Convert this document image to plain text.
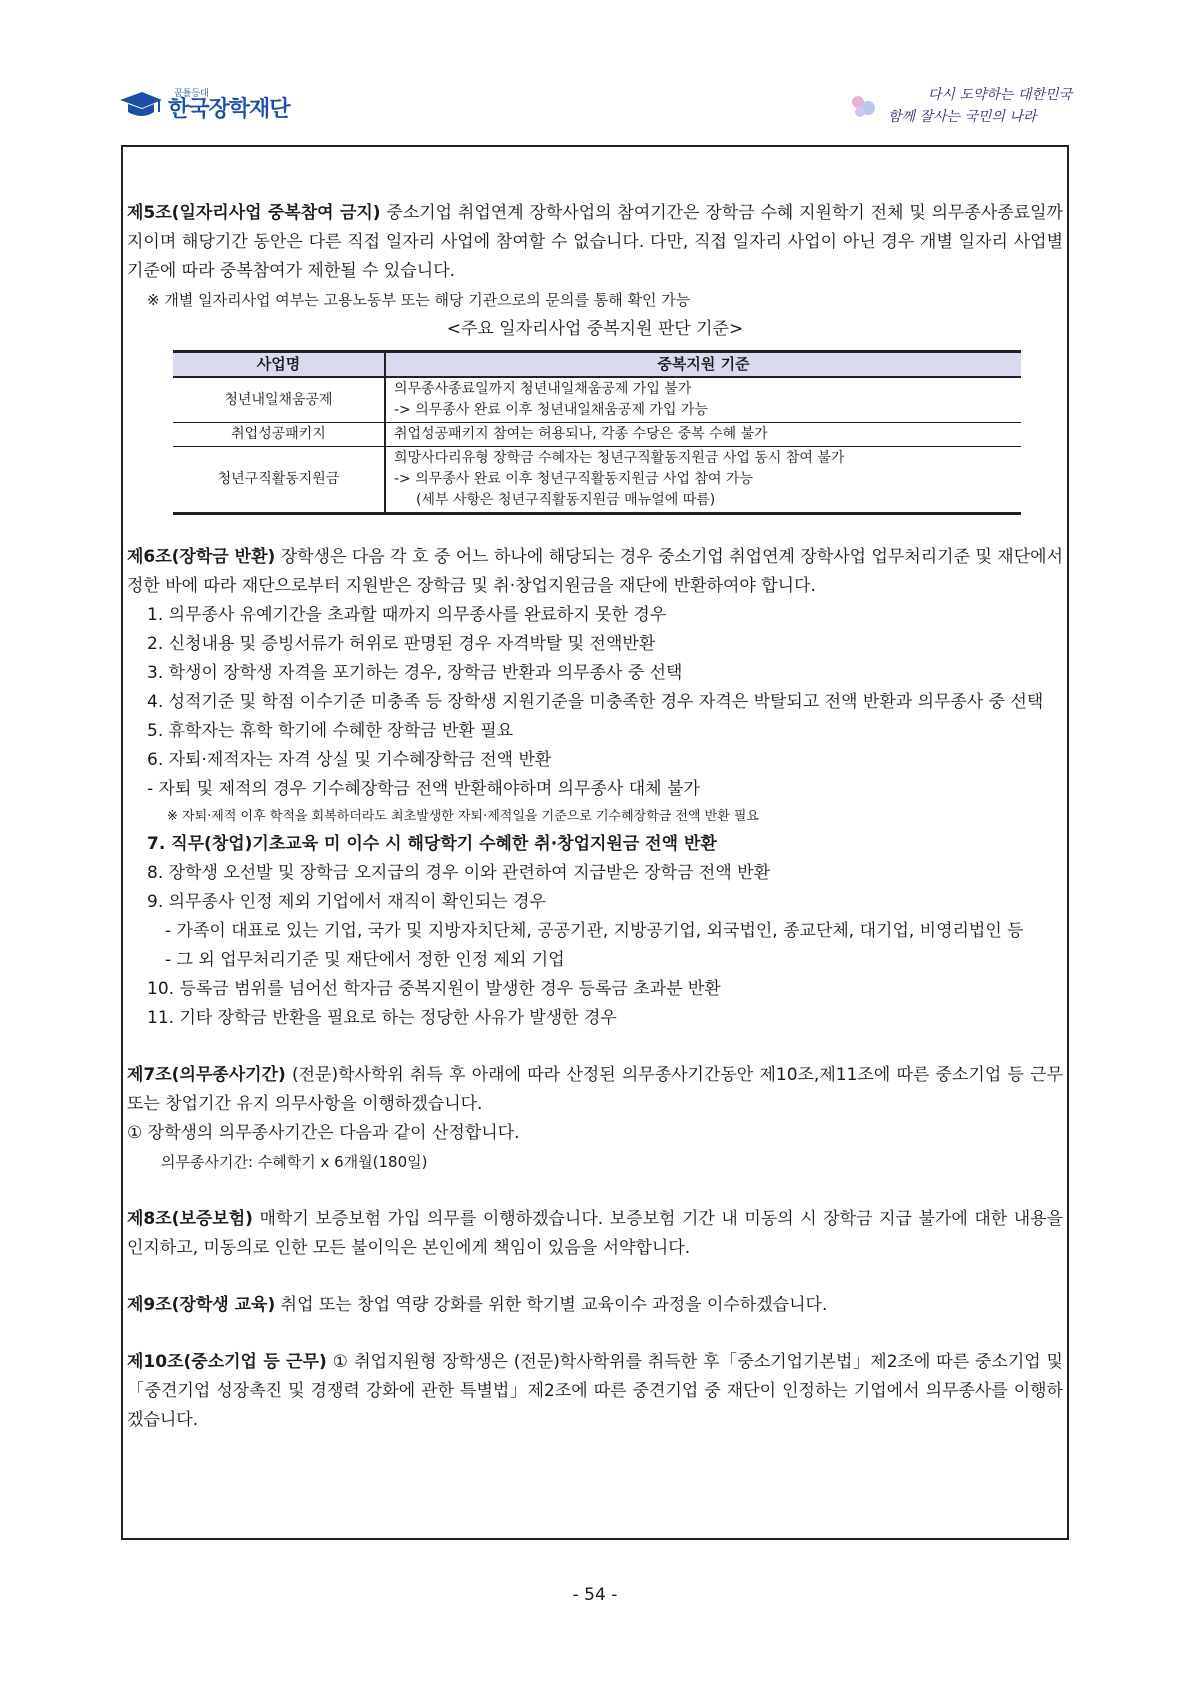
꿈틀등대
한국장학재단
다시 도약하는 대한민국
함께 잘사는 국민의 나라

제5조(일자리사업 중복참여 금지) 중소기업 취업연계 장학사업의 참여기간은 장학금 수혜 지원학기 전체 및 의무종사종료일까지이며 해당기간 동안은 다른 직접 일자리 사업에 참여할 수 없습니다. 다만, 직접 일자리 사업이 아닌 경우 개별 일자리 사업별 기준에 따라 중복참여가 제한될 수 있습니다.

※ 개별 일자리사업 여부는 고용노동부 또는 해당 기관으로의 문의를 통해 확인 가능

<주요 일자리사업 중복지원 판단 기준>

사업명	중복지원 기준
청년내일채움공제	의무종사종료일까지 청년내일채움공제 가입 불가
-> 의무종사 완료 이후 청년내일채움공제 가입 가능

취업성공패키지	취업성공패키지 참여는 허용되나, 각종 수당은 중복 수혜 불가

청년구직활동지원금	희망사다리유형 장학금 수혜자는 청년구직활동지원금 사업 동시 참여 불가
-> 의무종사 완료 이후 청년구직활동지원금 사업 참여 가능
(세부 사항은 청년구직활동지원금 매뉴얼에 따름)

제6조(장학금 반환) 장학생은 다음 각 호 중 어느 하나에 해당되는 경우 중소기업 취업연계 장학사업 업무처리기준 및 재단에서 정한 바에 따라 재단으로부터 지원받은 장학금 및 취·창업지원금을 재단에 반환하여야 합니다.

1. 의무종사 유예기간을 초과할 때까지 의무종사를 완료하지 못한 경우

2. 신청내용 및 증빙서류가 허위로 판명된 경우 자격박탈 및 전액반환

3. 학생이 장학생 자격을 포기하는 경우, 장학금 반환과 의무종사 중 선택

4. 성적기준 및 학점 이수기준 미충족 등 장학생 지원기준을 미충족한 경우 자격은 박탈되고 전액 반환과 의무종사 중 선택

5. 휴학자는 휴학 학기에 수혜한 장학금 반환 필요

6. 자퇴·제적자는 자격 상실 및 기수혜장학금 전액 반환

- 자퇴 및 제적의 경우 기수혜장학금 전액 반환해야하며 의무종사 대체 불가

※ 자퇴·제적 이후 학적을 회복하더라도 최초발생한 자퇴·제적일을 기준으로 기수혜장학금 전액 반환 필요

7. 직무(창업)기초교육 미 이수 시 해당학기 수혜한 취·창업지원금 전액 반환

8. 장학생 오선발 및 장학금 오지급의 경우 이와 관련하여 지급받은 장학금 전액 반환

9. 의무종사 인정 제외 기업에서 재직이 확인되는 경우

- 가족이 대표로 있는 기업, 국가 및 지방자치단체, 공공기관, 지방공기업, 외국법인, 종교단체, 대기업, 비영리법인 등

- 그 외 업무처리기준 및 재단에서 정한 인정 제외 기업

10. 등록금 범위를 넘어선 학자금 중복지원이 발생한 경우 등록금 초과분 반환

11. 기타 장학금 반환을 필요로 하는 정당한 사유가 발생한 경우

제7조(의무종사기간) (전문)학사학위 취득 후 아래에 따라 산정된 의무종사기간동안 제10조,제11조에 따른 중소기업 등 근무 또는 창업기간 유지 의무사항을 이행하겠습니다.

① 장학생의 의무종사기간은 다음과 같이 산정합니다.

의무종사기간: 수혜학기 x 6개월(180일)

제8조(보증보험) 매학기 보증보험 가입 의무를 이행하겠습니다. 보증보험 기간 내 미동의 시 장학금 지급 불가에 대한 내용을 인지하고, 미동의로 인한 모든 불이익은 본인에게 책임이 있음을 서약합니다.

제9조(장학생 교육) 취업 또는 창업 역량 강화를 위한 학기별 교육이수 과정을 이수하겠습니다.

제10조(중소기업 등 근무) ① 취업지원형 장학생은 (전문)학사학위를 취득한 후「중소기업기본법」제2조에 따른 중소기업 및「중견기업 성장촉진 및 경쟁력 강화에 관한 특별법」제2조에 따른 중견기업 중 재단이 인정하는 기업에서 의무종사를 이행하겠습니다.

- 54 -
